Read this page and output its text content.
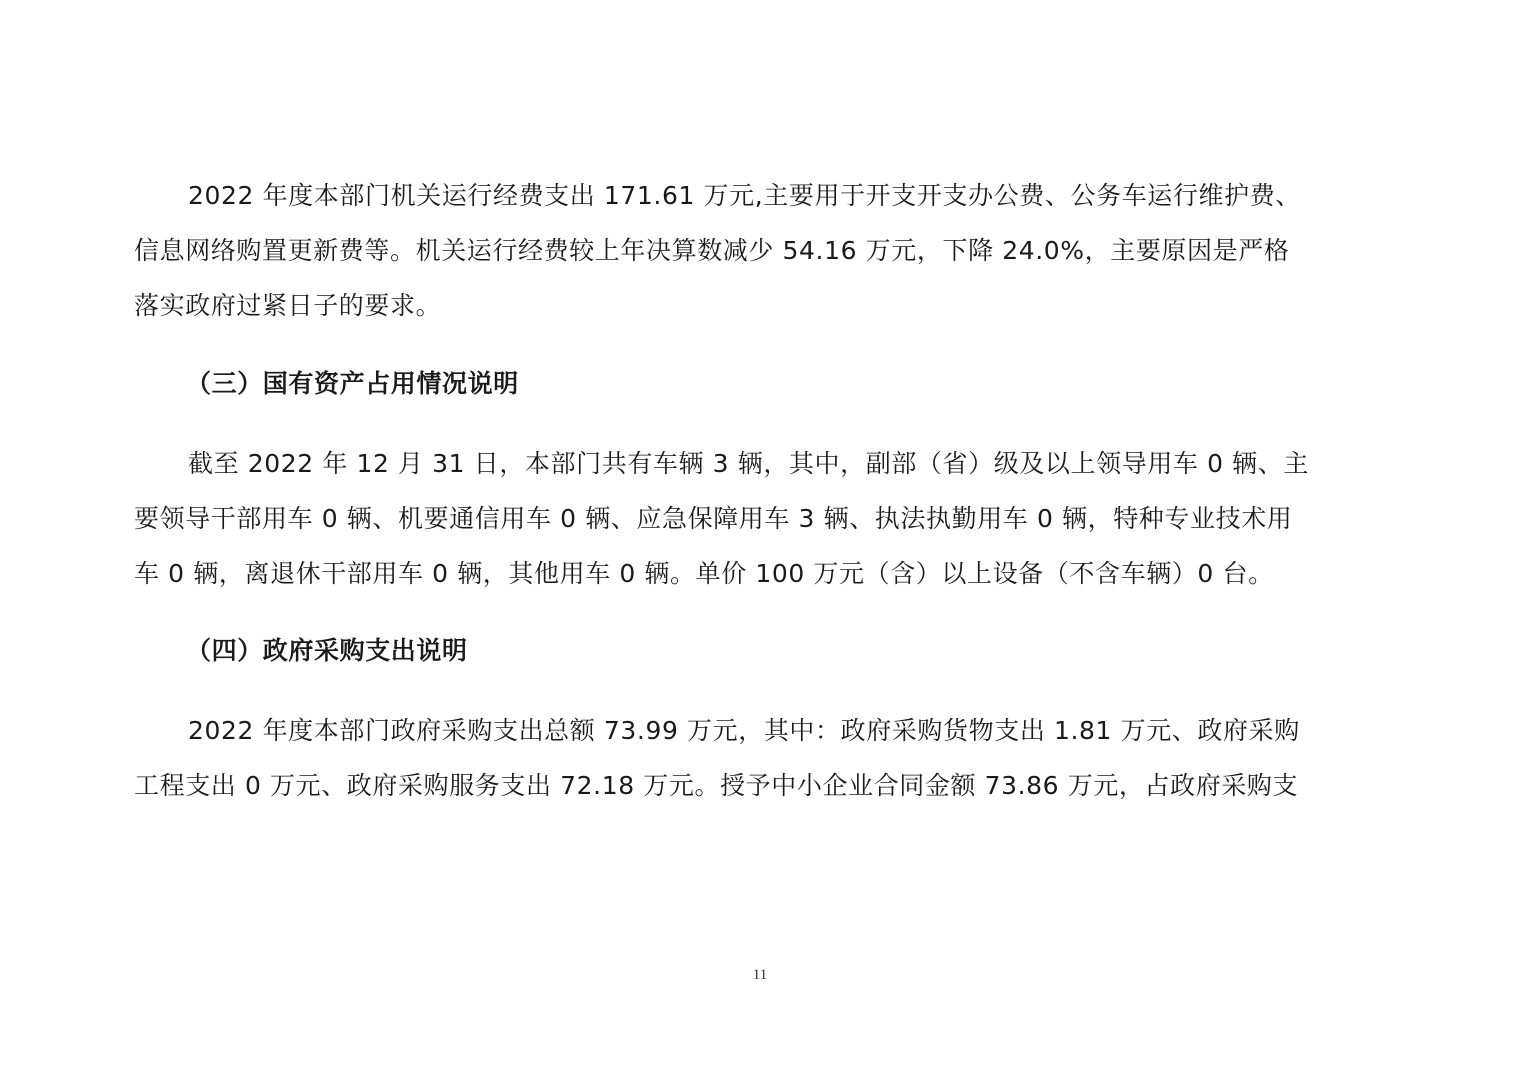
2022 年度本部门机关运行经费支出 171.61 万元,主要用于开支开支办公费、公务车运行维护费、
信息网络购置更新费等。机关运行经费较上年决算数减少 54.16 万元，下降 24.0%，主要原因是严格
落实政府过紧日子的要求。
（三）国有资产占用情况说明
截至 2022 年 12 月 31 日，本部门共有车辆 3 辆，其中，副部（省）级及以上领导用车 0 辆、主
要领导干部用车 0 辆、机要通信用车 0 辆、应急保障用车 3 辆、执法执勤用车 0 辆，特种专业技术用
车 0 辆，离退休干部用车 0 辆，其他用车 0 辆。单价 100 万元（含）以上设备（不含车辆）0 台。
（四）政府采购支出说明
2022 年度本部门政府采购支出总额 73.99 万元，其中：政府采购货物支出 1.81 万元、政府采购
工程支出 0 万元、政府采购服务支出 72.18 万元。授予中小企业合同金额 73.86 万元，占政府采购支
11
